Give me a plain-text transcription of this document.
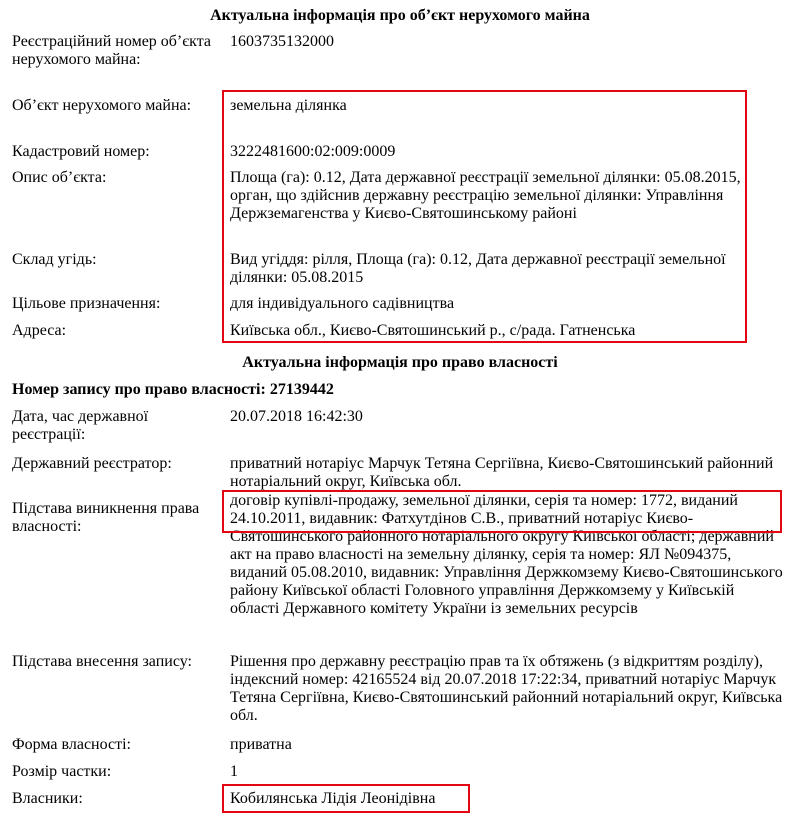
Актуальна інформація про об’єкт нерухомого майна
Реєстраційний номер об’єкта нерухомого майна:
1603735132000
Об’єкт нерухомого майна:	земельна ділянка
Кадастровий номер:	3222481600:02:009:0009
Опис об’єкта:	Площа (га): 0.12, Дата державної реєстрації земельної ділянки: 05.08.2015, орган, що здійснив державну реєстрацію земельної ділянки: Управління Держземагенства у Києво-Святошинському районі
Склад угідь:	Вид угіддя: рілля, Площа (га): 0.12, Дата державної реєстрації земельної ділянки: 05.08.2015
Цільове призначення:	для індивідуального садівництва
Адреса:	Київська обл., Києво-Святошинський р., с/рада. Гатненська
Актуальна інформація про право власності
Номер запису про право власності: 27139442
Дата, час державної реєстрації:
20.07.2018 16:42:30
Державний реєстратор:	приватний нотаріус Марчук Тетяна Сергіївна, Києво-Святошинський районний нотаріальний округ, Київська обл.
Підстава виникнення права власності:
договір купівлі-продажу, земельної ділянки, серія та номер: 1772, виданий 24.10.2011, видавник: Фатхутдінов С.В., приватний нотаріус Києво-Святошинського районного нотаріального округу Київської області; державний акт на право власності на земельну ділянку, серія та номер: ЯЛ №094375, виданий 05.08.2010, видавник: Управління Держкомзему Києво-Святошинського району Київської області Головного управління Держкомзему у Київській області Державного комітету України із земельних ресурсів
Підстава внесення запису:	Рішення про державну реєстрацію прав та їх обтяжень (з відкриттям розділу), індексний номер: 42165524 від 20.07.2018 17:22:34, приватний нотаріус Марчук Тетяна Сергіївна, Києво-Святошинський районний нотаріальний округ, Київська обл.
Форма власності:	приватна
Розмір частки:	1
Власники:	Кобилянська Лідія Леонідівна
